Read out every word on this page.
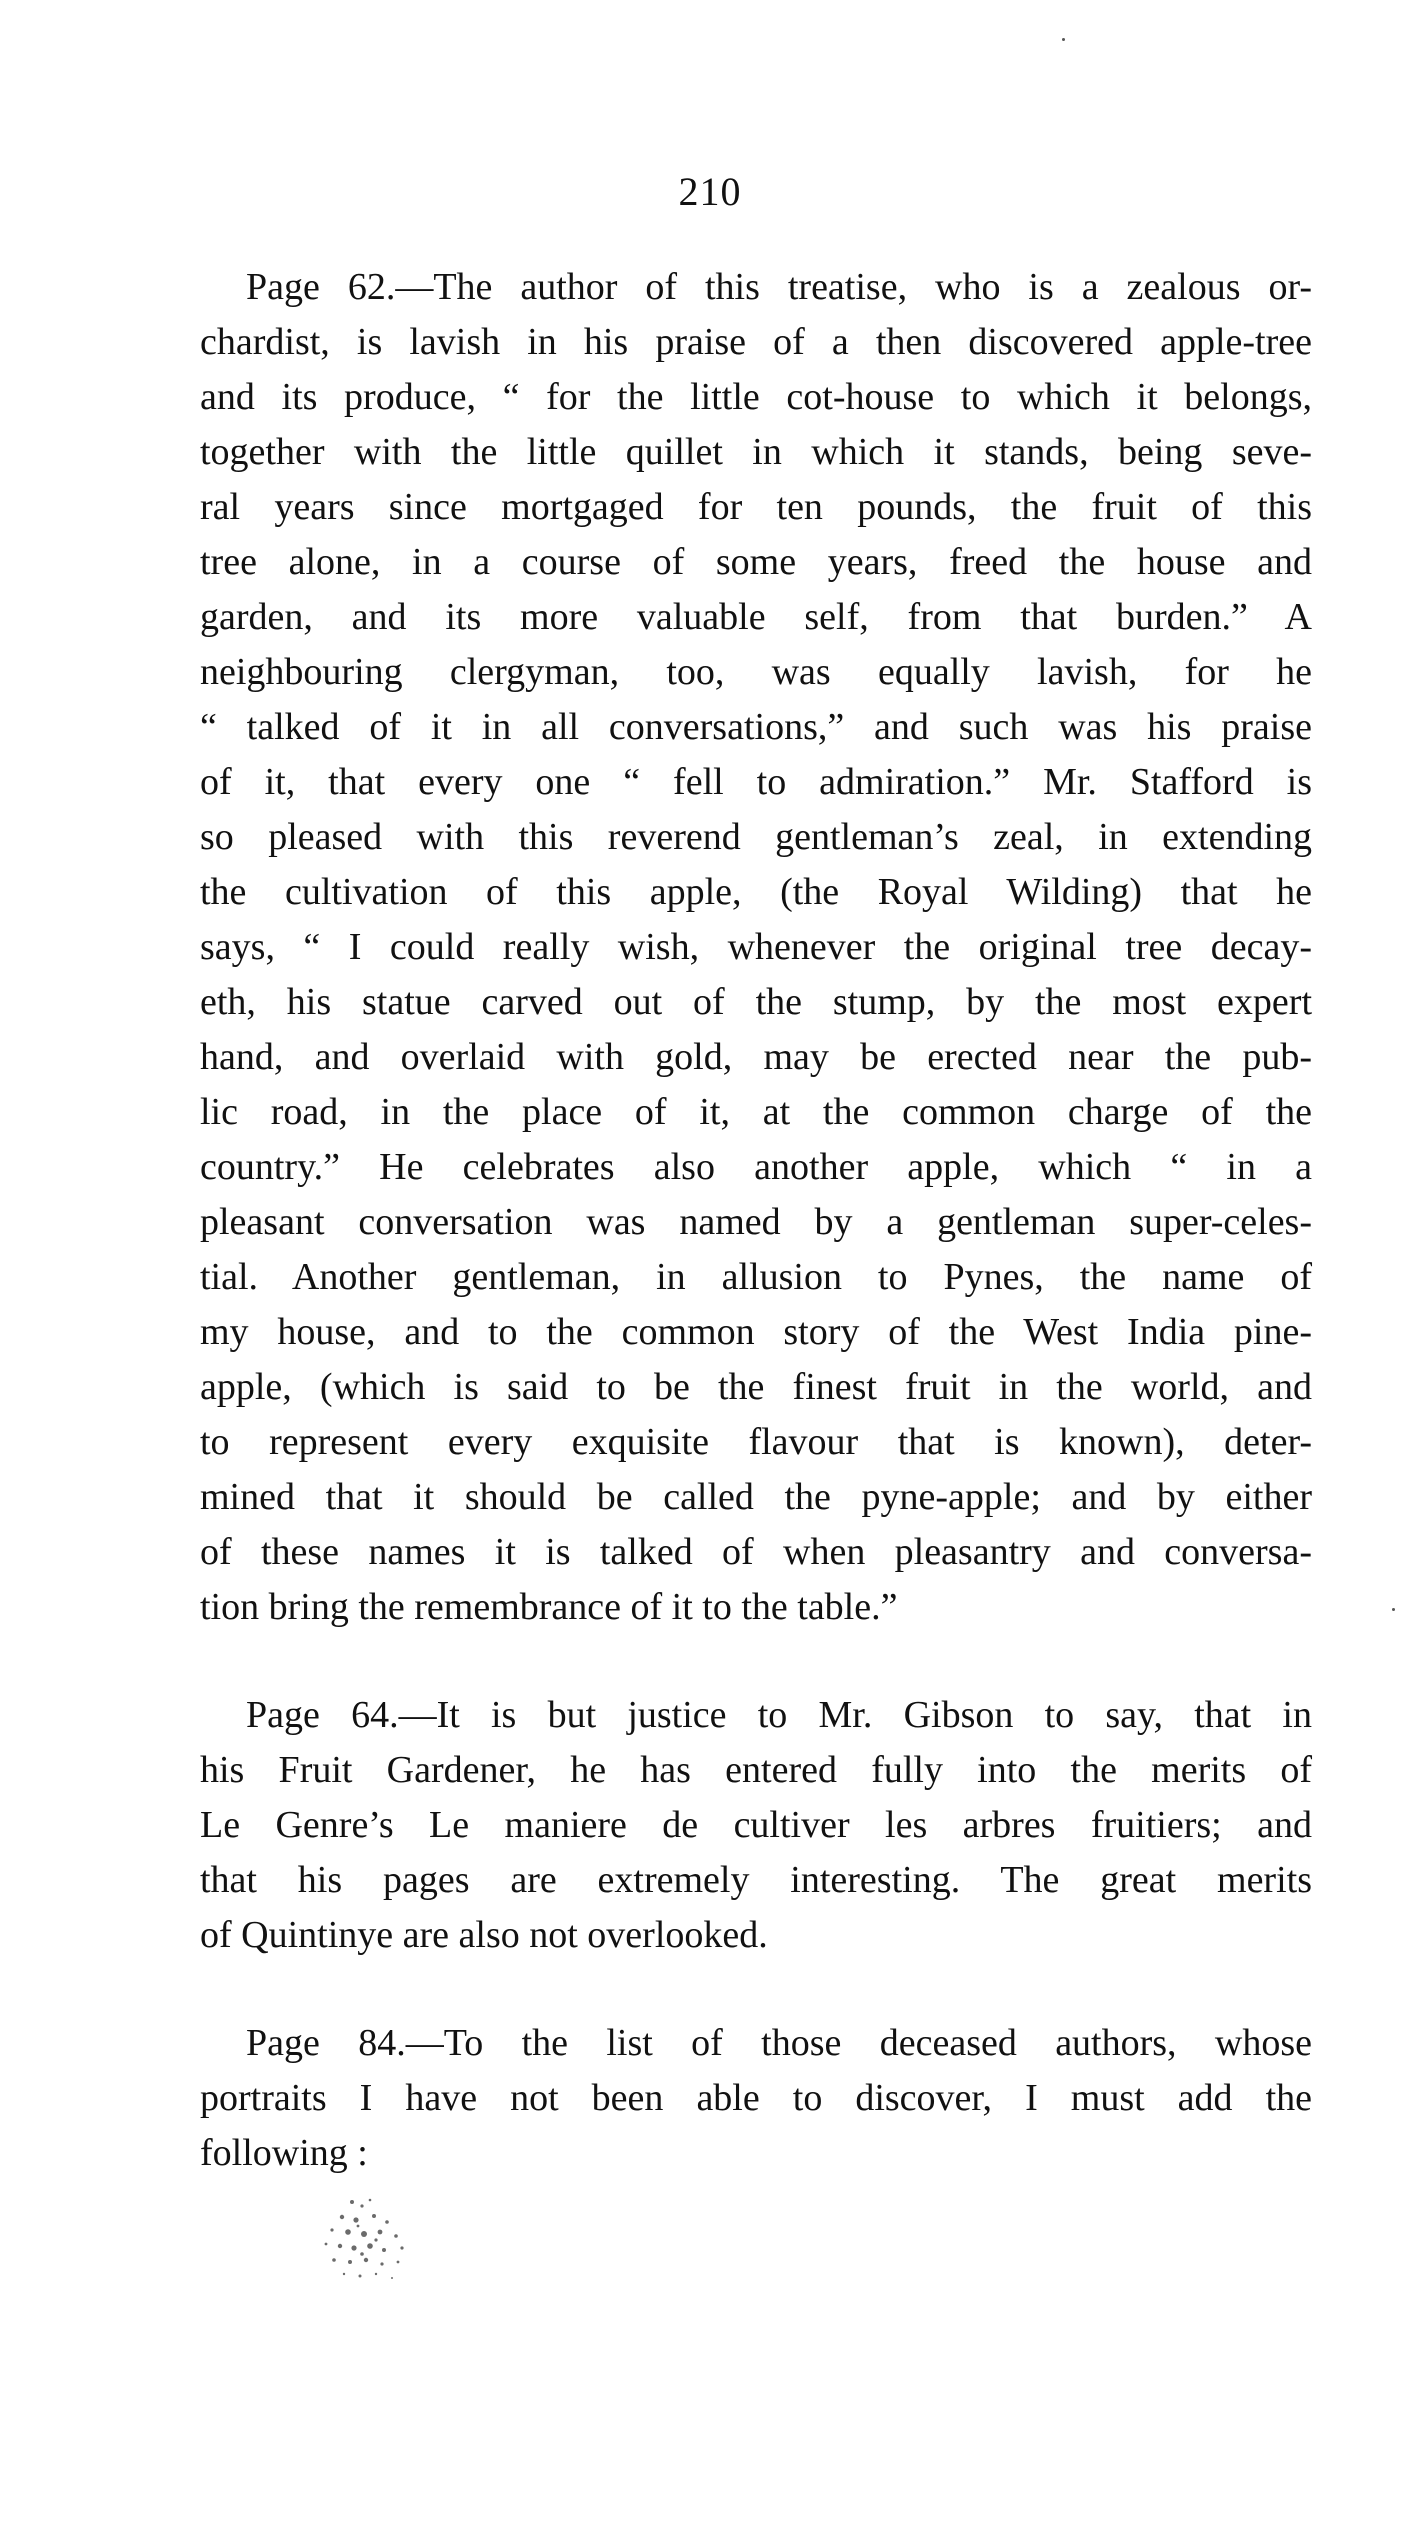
210
Page 62.—The author of this treatise, who is a zealous or-
chardist, is lavish in his praise of a then discovered apple-tree
and its produce, “ for the little cot-house to which it belongs,
together with the little quillet in which it stands, being seve-
ral years since mortgaged for ten pounds, the fruit of this
tree alone, in a course of some years, freed the house and
garden, and its more valuable self, from that burden.” A
neighbouring clergyman, too, was equally lavish, for he
“ talked of it in all conversations,” and such was his praise
of it, that every one “ fell to admiration.” Mr. Stafford is
so pleased with this reverend gentleman’s zeal, in extending
the cultivation of this apple, (the Royal Wilding) that he
says, “ I could really wish, whenever the original tree decay-
eth, his statue carved out of the stump, by the most expert
hand, and overlaid with gold, may be erected near the pub-
lic road, in the place of it, at the common charge of the
country.” He celebrates also another apple, which “ in a
pleasant conversation was named by a gentleman super-celes-
tial. Another gentleman, in allusion to Pynes, the name of
my house, and to the common story of the West India pine-
apple, (which is said to be the finest fruit in the world, and
to represent every exquisite flavour that is known), deter-
mined that it should be called the pyne-apple; and by either
of these names it is talked of when pleasantry and conversa-
tion bring the remembrance of it to the table.”
Page 64.—It is but justice to Mr. Gibson to say, that in
his Fruit Gardener, he has entered fully into the merits of
Le Genre’s Le maniere de cultiver les arbres fruitiers; and
that his pages are extremely interesting. The great merits
of Quintinye are also not overlooked.
Page 84.—To the list of those deceased authors, whose
portraits I have not been able to discover, I must add the
following :
